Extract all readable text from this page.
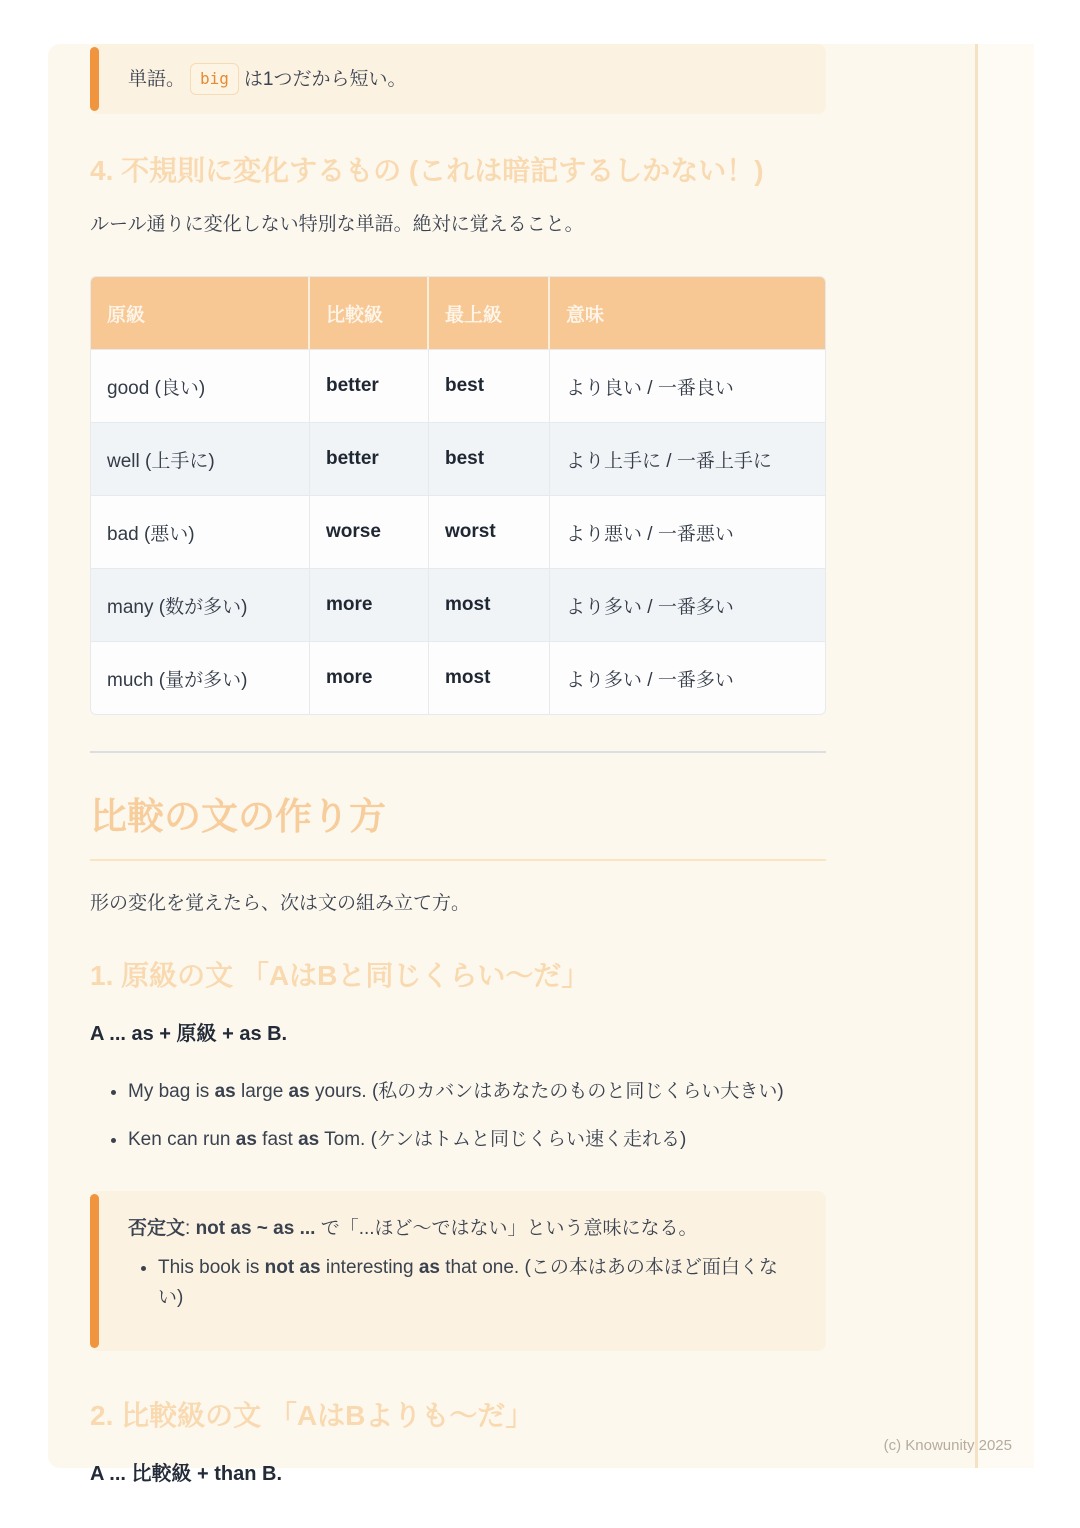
単語。 big は1つだから短い。
4. 不規則に変化するもの (これは暗記するしかない！)

ルール通りに変化しない特別な単語。絶対に覚えること。

原級	比較級	最上級	意味
good (良い)	better	best	より良い / 一番良い
well (上手に)	better	best	より上手に / 一番上手に
bad (悪い)	worse	worst	より悪い / 一番悪い
many (数が多い)	more	most	より多い / 一番多い
much (量が多い)	more	most	より多い / 一番多い
比較の文の作り方

形の変化を覚えたら、次は文の組み立て方。

1. 原級の文 「AはBと同じくらい〜だ」

A ... as + 原級 + as B.

• My bag is as large as yours. (私のカバンはあなたのものと同じくらい大きい)
• Ken can run as fast as Tom. (ケンはトムと同じくらい速く走れる)
否定文: not as ~ as ... で「...ほど〜ではない」という意味になる。
• This book is not as interesting as that one. (この本はあの本ほど面白くない)
2. 比較級の文 「AはBよりも〜だ」

A ... 比較級 + than B.

(c) Knowunity 2025
